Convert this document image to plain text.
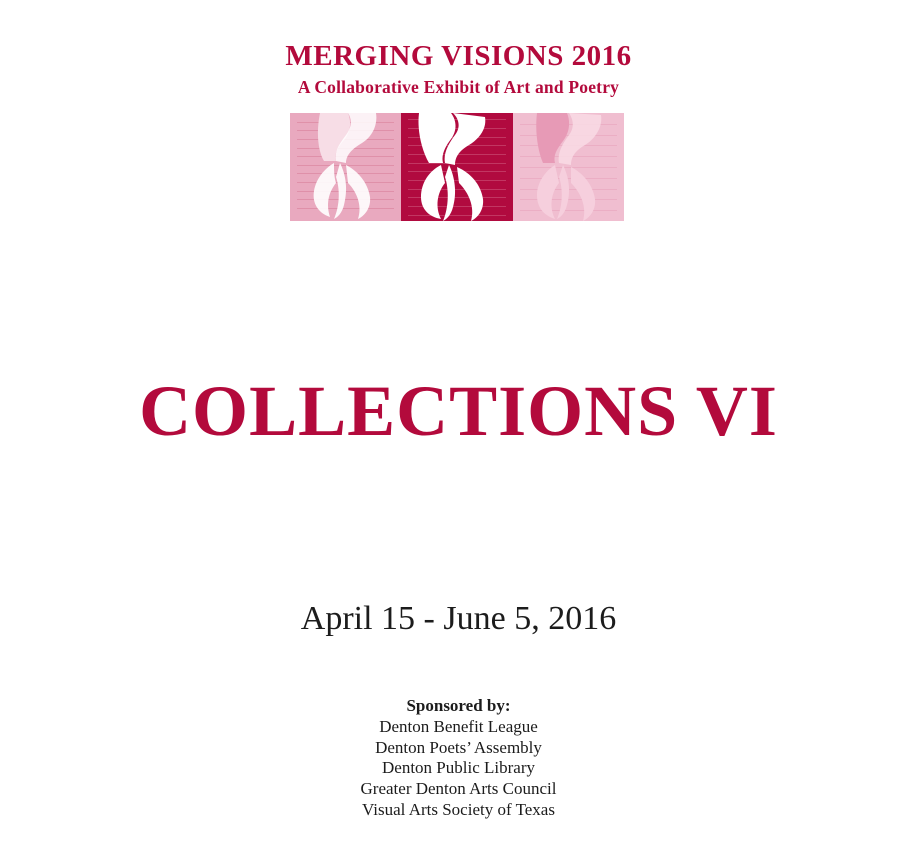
MERGING VISIONS 2016
A Collaborative Exhibit of Art and Poetry
COLLECTIONS VI
April 15 - June 5, 2016

Sponsored by:

Denton Benefit League

Denton Poets’ Assembly

Denton Public Library

Greater Denton Arts Council

Visual Arts Society of Texas
